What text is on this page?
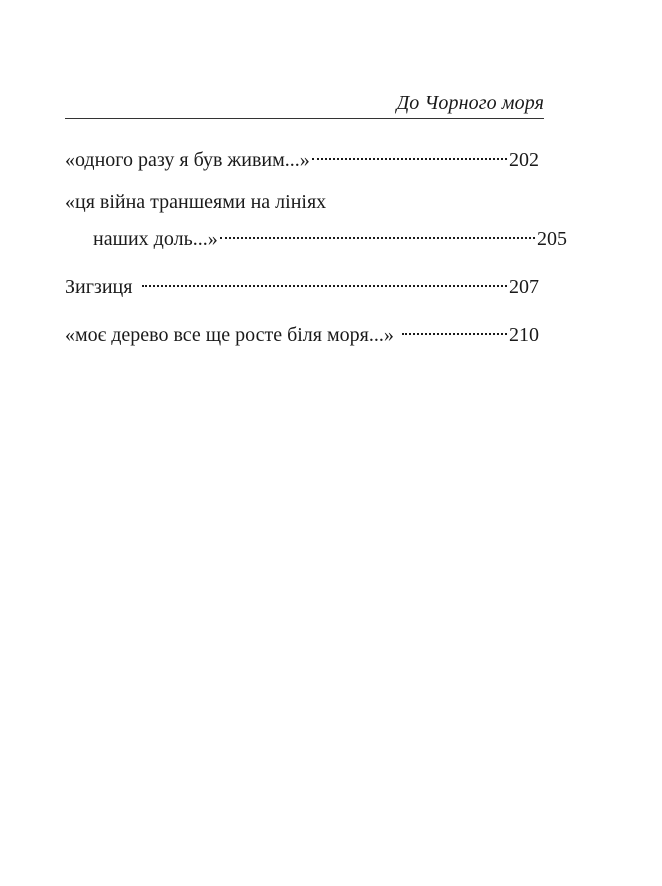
До Чорного моря
«одного разу я був живим...»	202
«ця війна траншеями на лініях
наших доль...»	205
Зигзиця	207
«моє дерево все ще росте біля моря...»	210
